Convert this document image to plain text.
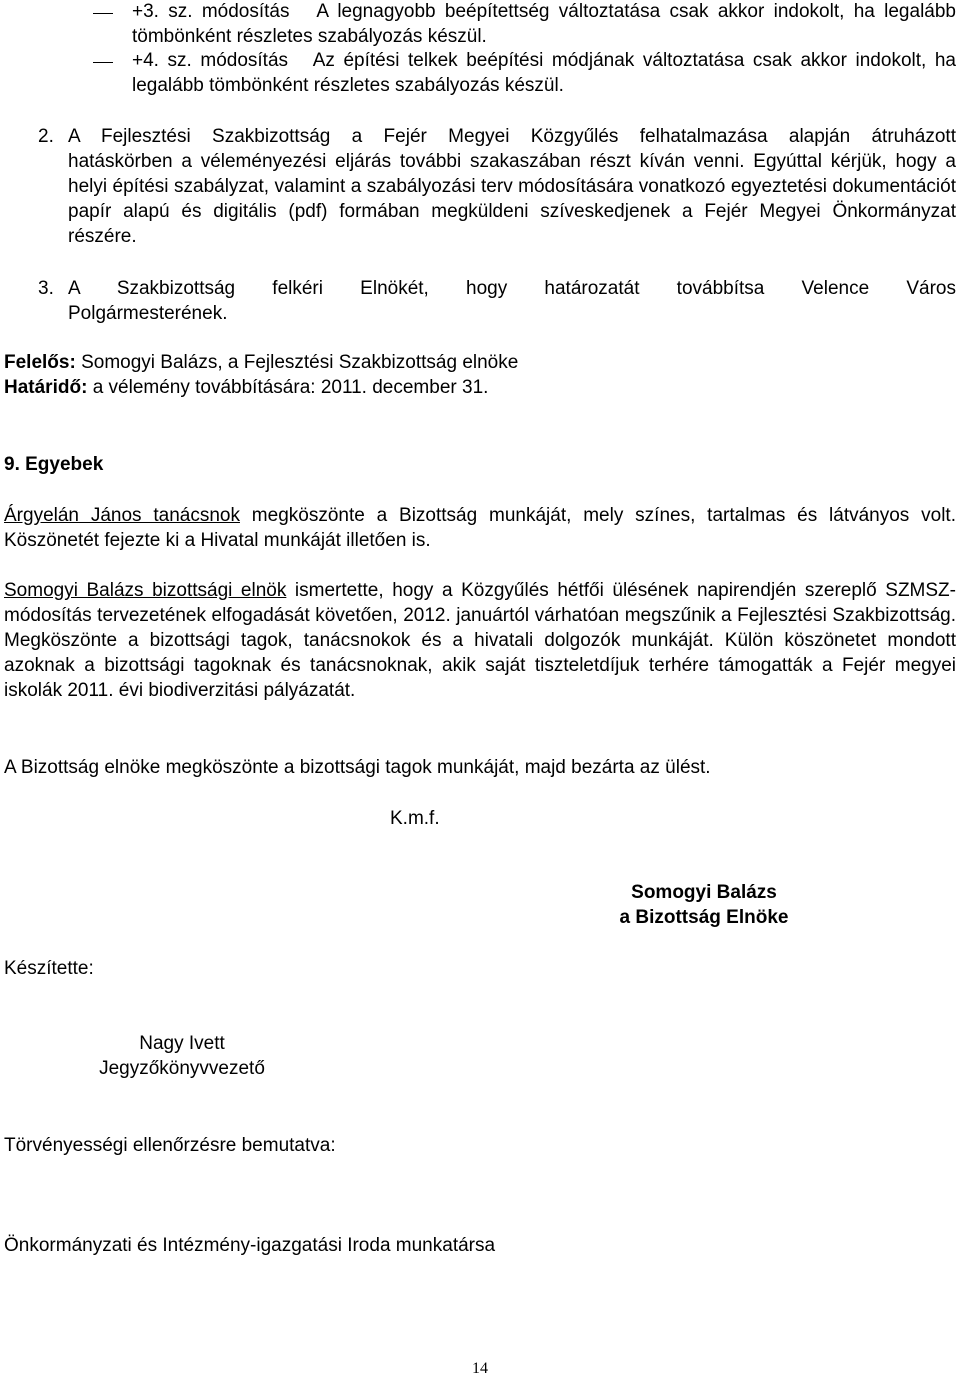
+3. sz. módosítás A legnagyobb beépítettség változtatása csak akkor indokolt, ha legalább tömbönként részletes szabályozás készül.
+4. sz. módosítás Az építési telkek beépítési módjának változtatása csak akkor indokolt, ha legalább tömbönként részletes szabályozás készül.
2. A Fejlesztési Szakbizottság a Fejér Megyei Közgyűlés felhatalmazása alapján átruházott
hatáskörben a véleményezési eljárás további szakaszában részt kíván venni. Egyúttal kérjük, hogy a helyi építési szabályzat, valamint a szabályozási terv módosítására vonatkozó egyeztetési dokumentációt papír alapú és digitális (pdf) formában megküldeni szíveskedjenek a Fejér Megyei Önkormányzat részére.
3. A Szakbizottság felkéri Elnökét, hogy határozatát továbbítsa Velence Város
Polgármesterének.
Felelős: Somogyi Balázs, a Fejlesztési Szakbizottság elnöke
Határidő: a vélemény továbbítására: 2011. december 31.
9. Egyebek
Árgyelán János tanácsnok megköszönte a Bizottság munkáját, mely színes, tartalmas és látványos volt. Köszönetét fejezte ki a Hivatal munkáját illetően is.
Somogyi Balázs bizottsági elnök ismertette, hogy a Közgyűlés hétfői ülésének napirendjén szereplő SZMSZ-módosítás tervezetének elfogadását követően, 2012. januártól várhatóan megszűnik a Fejlesztési Szakbizottság. Megköszönte a bizottsági tagok, tanácsnokok és a hivatali dolgozók munkáját. Külön köszönetet mondott azoknak a bizottsági tagoknak és tanácsnoknak, akik saját tiszteletdíjuk terhére támogatták a Fejér megyei iskolák 2011. évi biodiverzitási pályázatát.
A Bizottság elnöke megköszönte a bizottsági tagok munkáját, majd bezárta az ülést.
K.m.f.
Somogyi Balázs
a Bizottság Elnöke
Készítette:
Nagy Ivett
Jegyzőkönyvvezető
Törvényességi ellenőrzésre bemutatva:
Önkormányzati és Intézmény-igazgatási Iroda munkatársa
14
